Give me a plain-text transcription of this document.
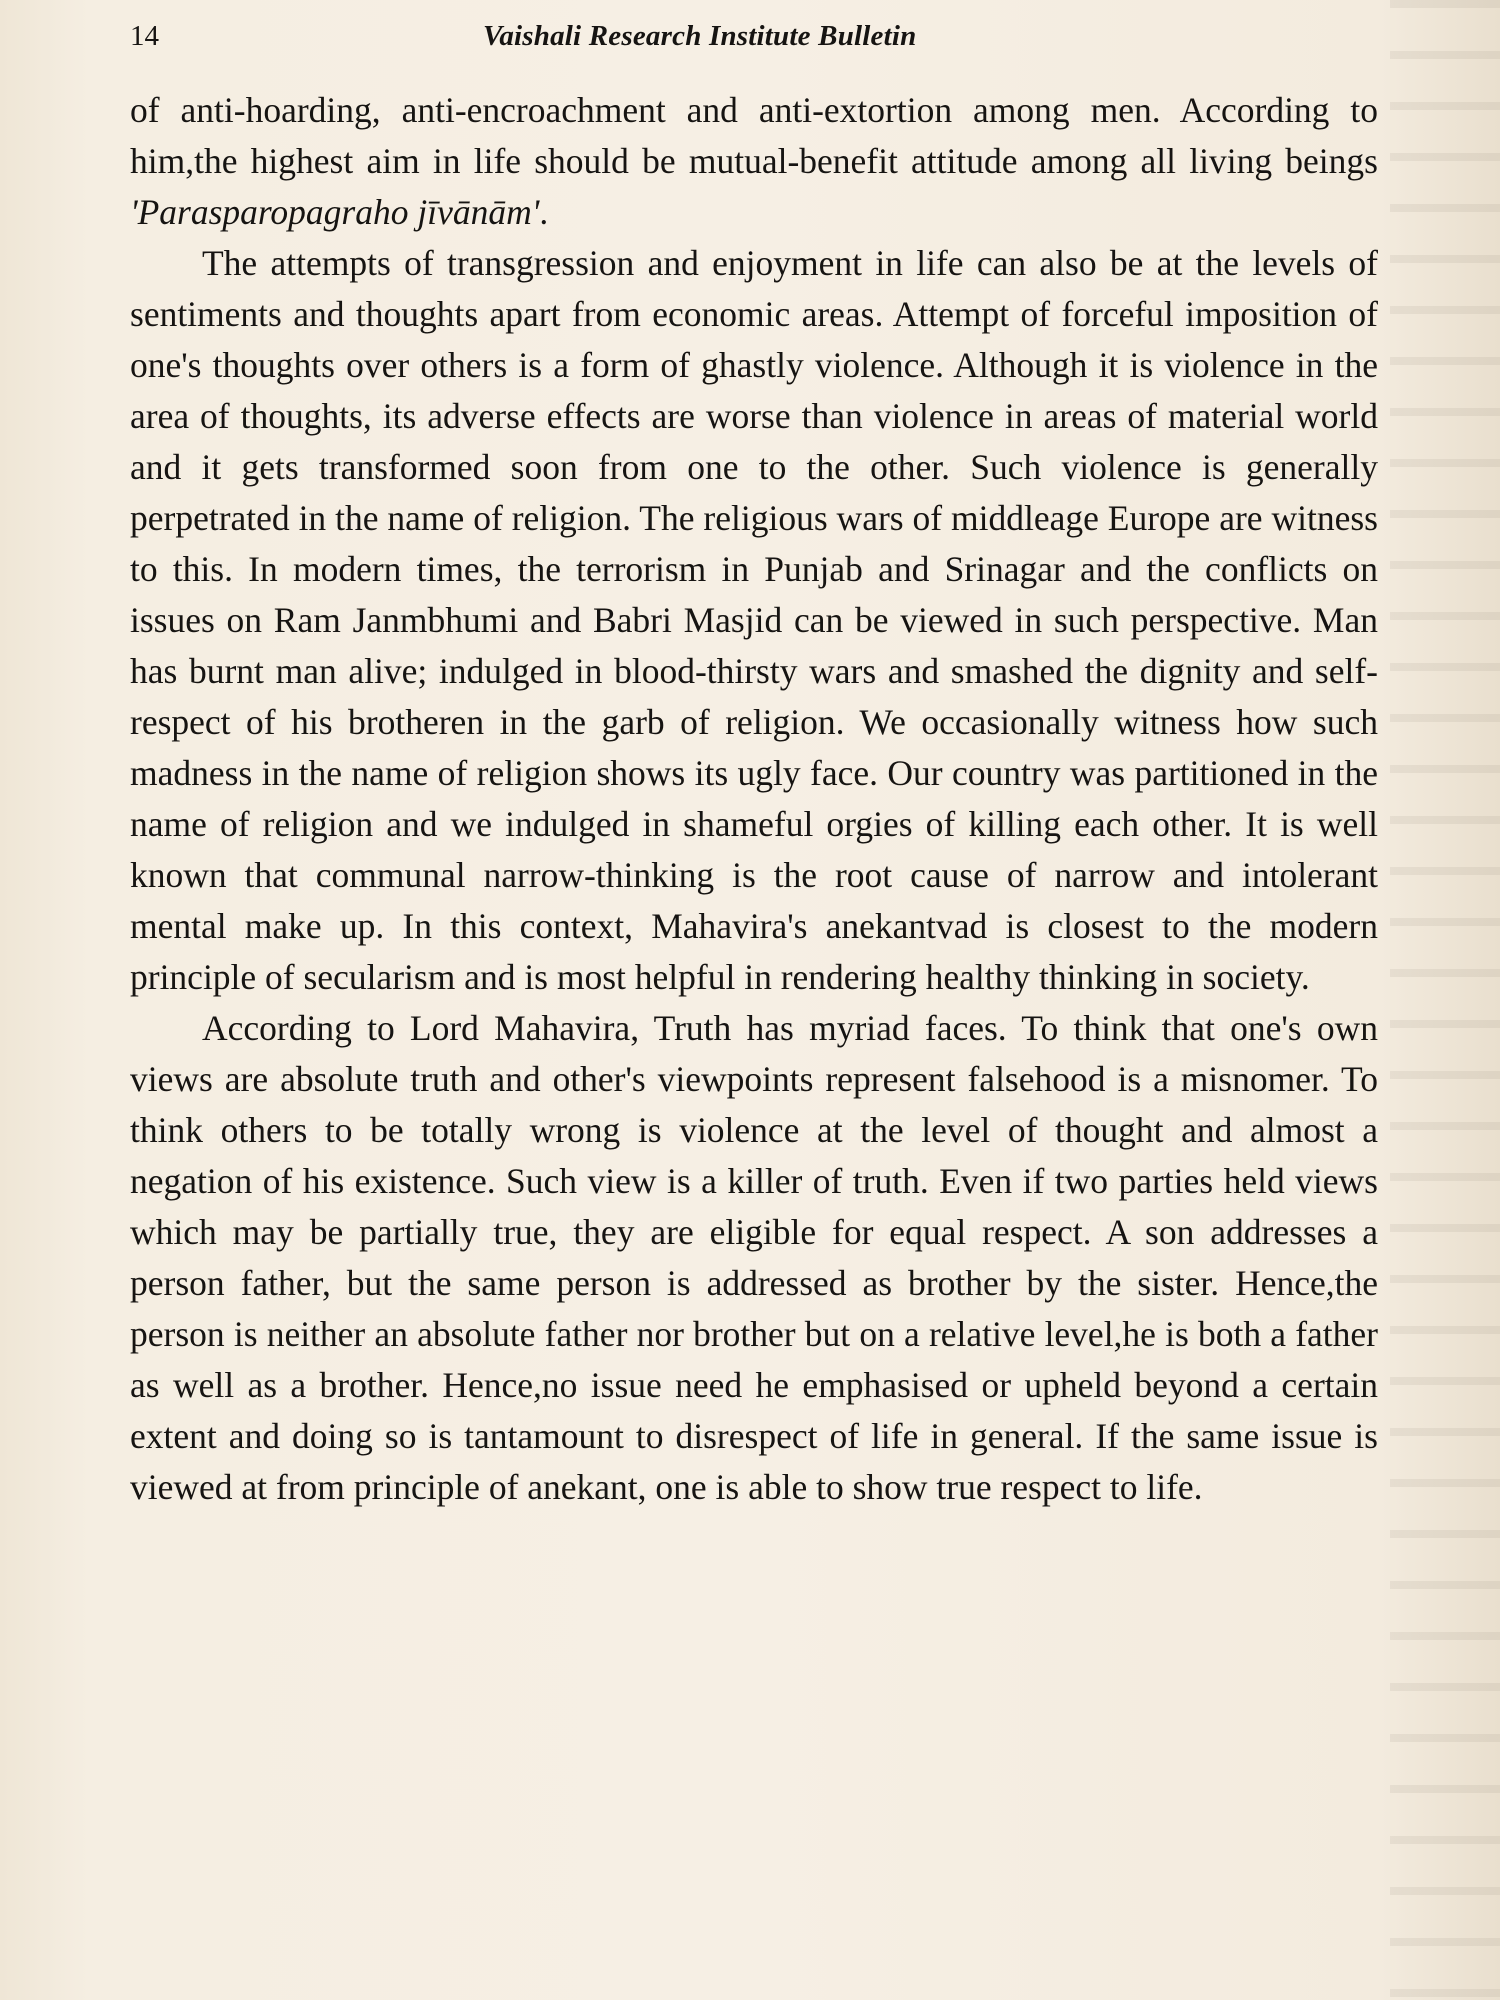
14	Vaishali Research Institute Bulletin

of anti-hoarding, anti-encroachment and anti-extortion among men. According to him,the highest aim in life should be mutual-benefit attitude among all living beings 'Parasparopagraho jīvānām'.

The attempts of transgression and enjoyment in life can also be at the levels of sentiments and thoughts apart from economic areas. Attempt of forceful imposition of one's thoughts over others is a form of ghastly violence. Although it is violence in the area of thoughts, its adverse effects are worse than violence in areas of material world and it gets transformed soon from one to the other. Such violence is generally perpetrated in the name of religion. The religious wars of middleage Europe are witness to this. In modern times, the terrorism in Punjab and Srinagar and the conflicts on issues on Ram Janmbhumi and Babri Masjid can be viewed in such perspective. Man has burnt man alive; indulged in blood-thirsty wars and smashed the dignity and self-respect of his brotheren in the garb of religion. We occasionally witness how such madness in the name of religion shows its ugly face. Our country was partitioned in the name of religion and we indulged in shameful orgies of killing each other. It is well known that communal narrow-thinking is the root cause of narrow and intolerant mental make up. In this context, Mahavira's anekantvad is closest to the modern principle of secularism and is most helpful in rendering healthy thinking in society.

According to Lord Mahavira, Truth has myriad faces. To think that one's own views are absolute truth and other's viewpoints represent falsehood is a misnomer. To think others to be totally wrong is violence at the level of thought and almost a negation of his existence. Such view is a killer of truth. Even if two parties held views which may be partially true, they are eligible for equal respect. A son addresses a person father, but the same person is addressed as brother by the sister. Hence,the person is neither an absolute father nor brother but on a relative level,he is both a father as well as a brother. Hence,no issue need he emphasised or upheld beyond a certain extent and doing so is tantamount to disrespect of life in general. If the same issue is viewed at from principle of anekant, one is able to show true respect to life.
